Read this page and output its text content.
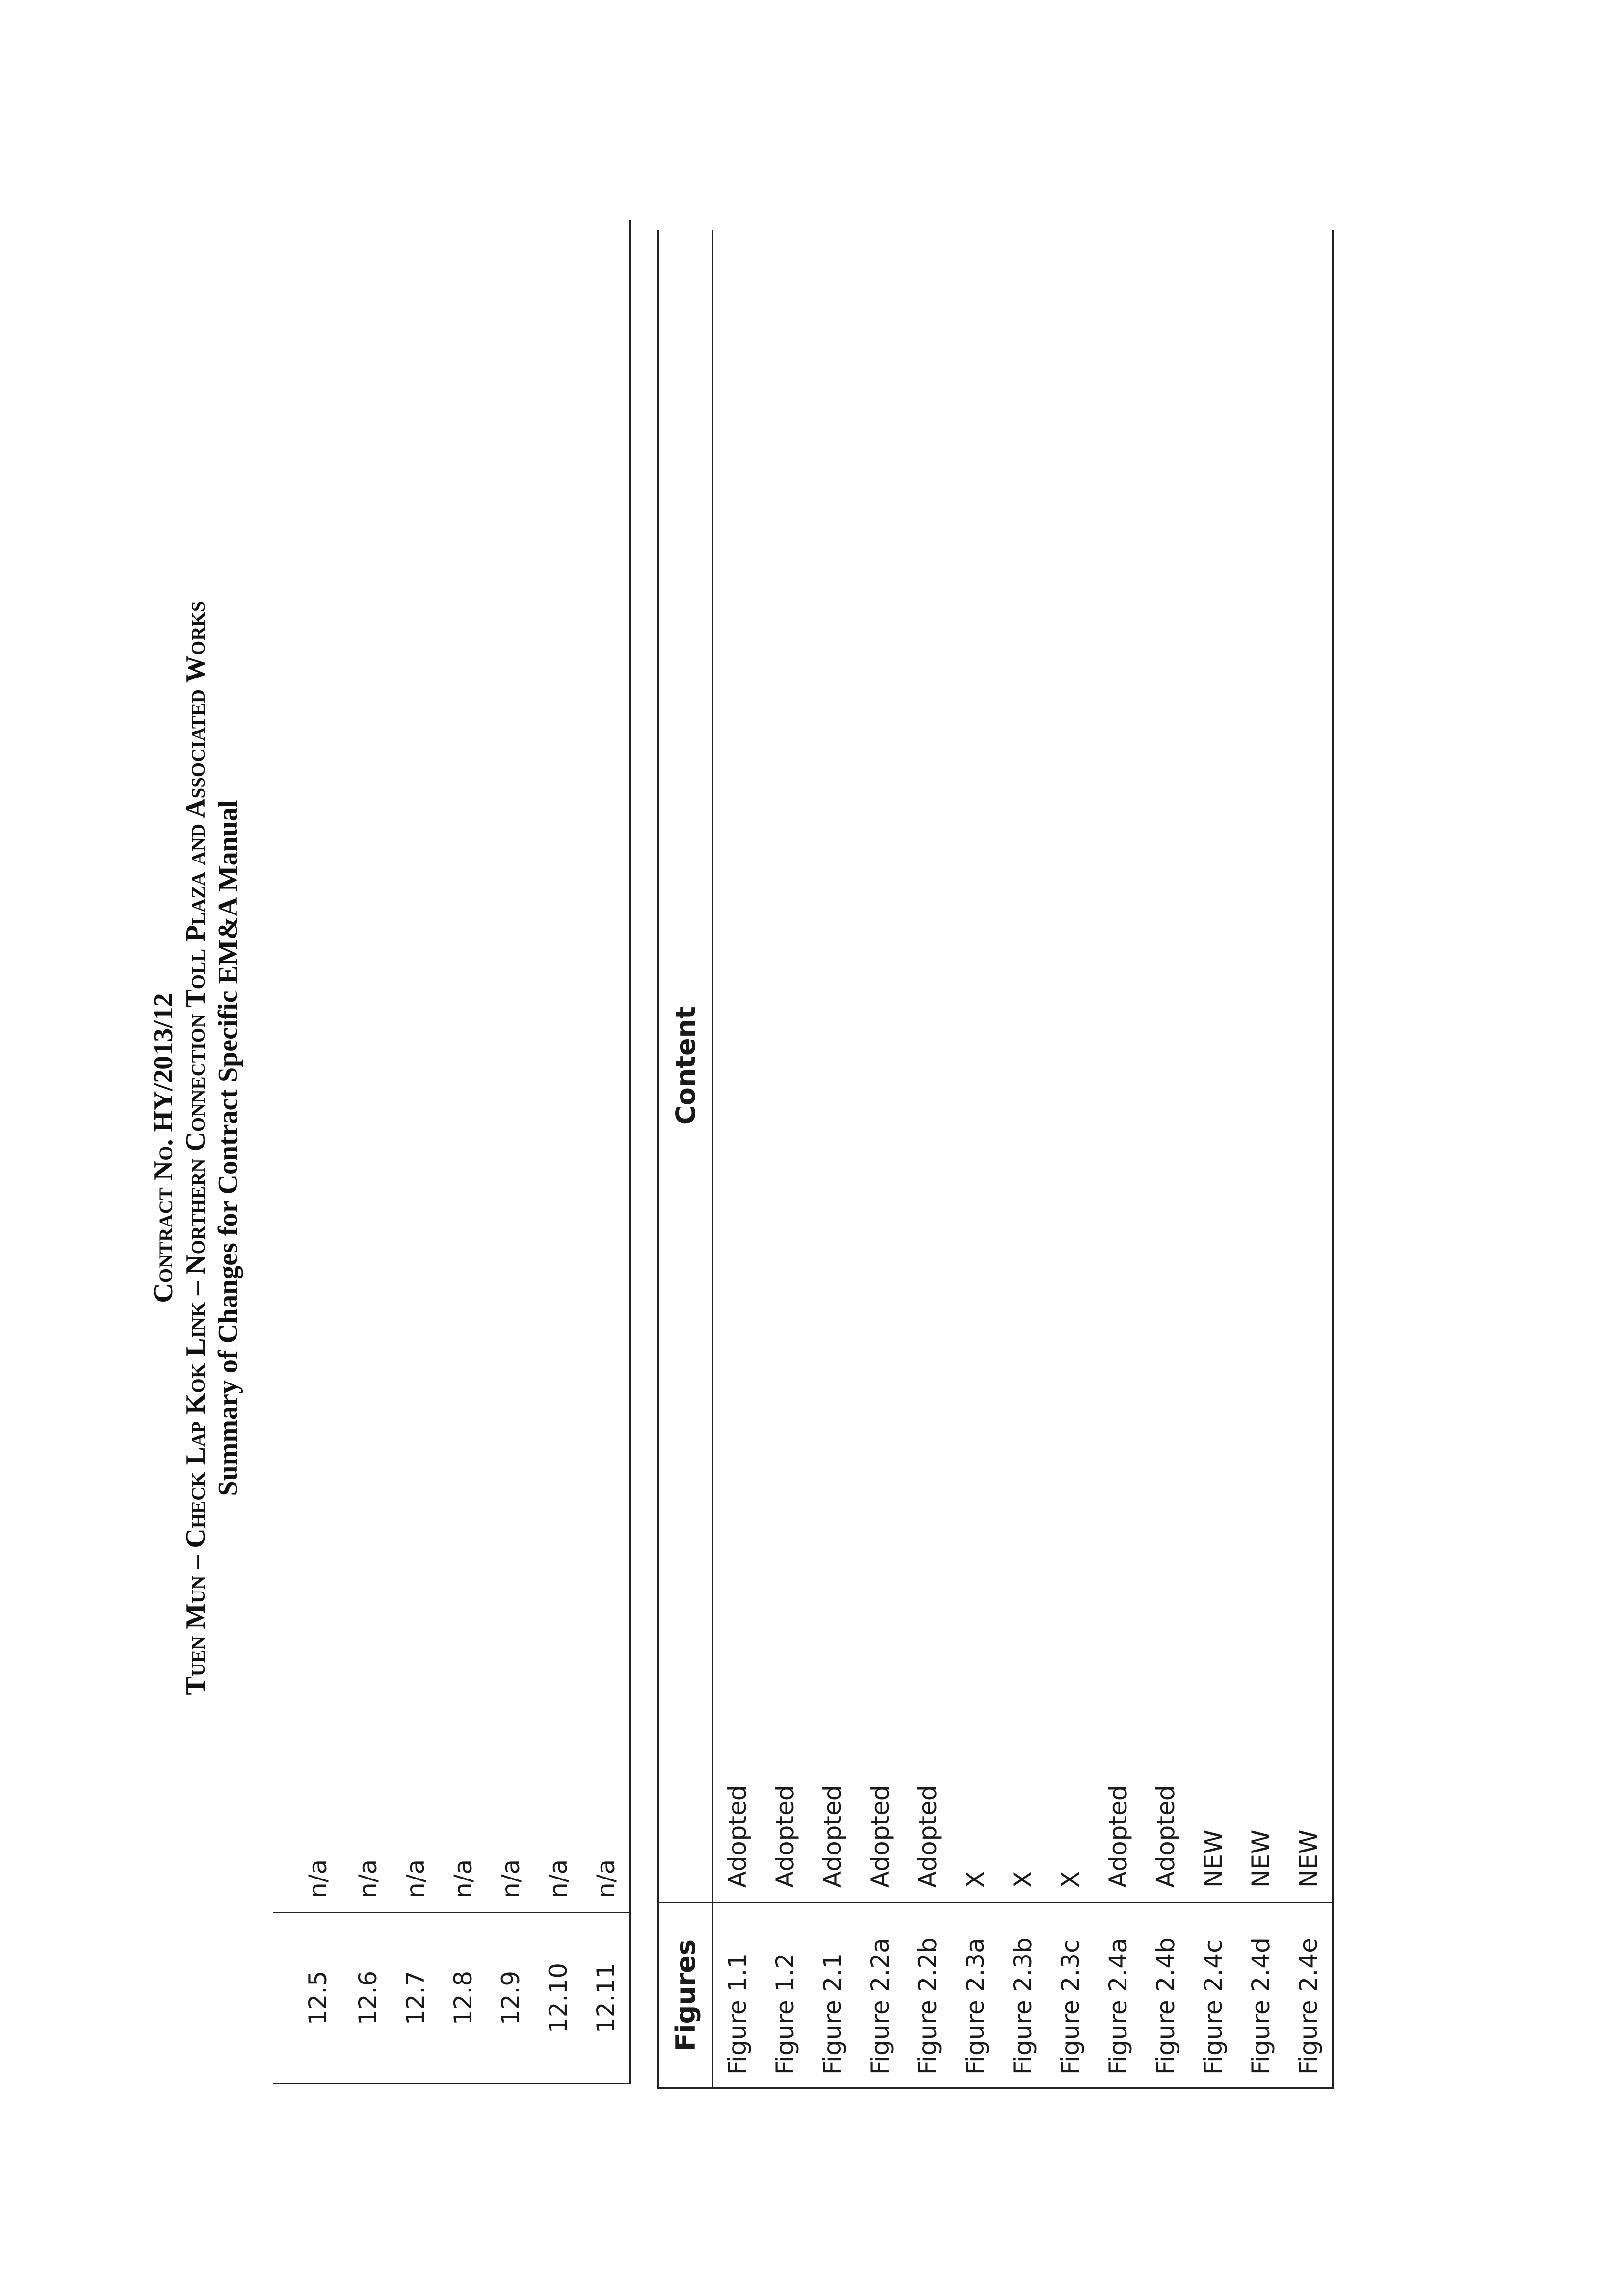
Contract No. HY/2013/12 Tuen Mun – Check Lap Kok Link – Northern Connection Toll Plaza and Associated Works Summary of Changes for Contract Specific EM&A Manual
12.5	n/a
12.6	n/a
12.7	n/a
12.8	n/a
12.9	n/a
12.10	n/a
12.11	n/a
Figures	Content
Figure 1.1	Adopted
Figure 1.2	Adopted
Figure 2.1	Adopted
Figure 2.2a	Adopted
Figure 2.2b	Adopted
Figure 2.3a	X
Figure 2.3b	X
Figure 2.3c	X
Figure 2.4a	Adopted
Figure 2.4b	Adopted
Figure 2.4c	NEW
Figure 2.4d	NEW
Figure 2.4e	NEW
